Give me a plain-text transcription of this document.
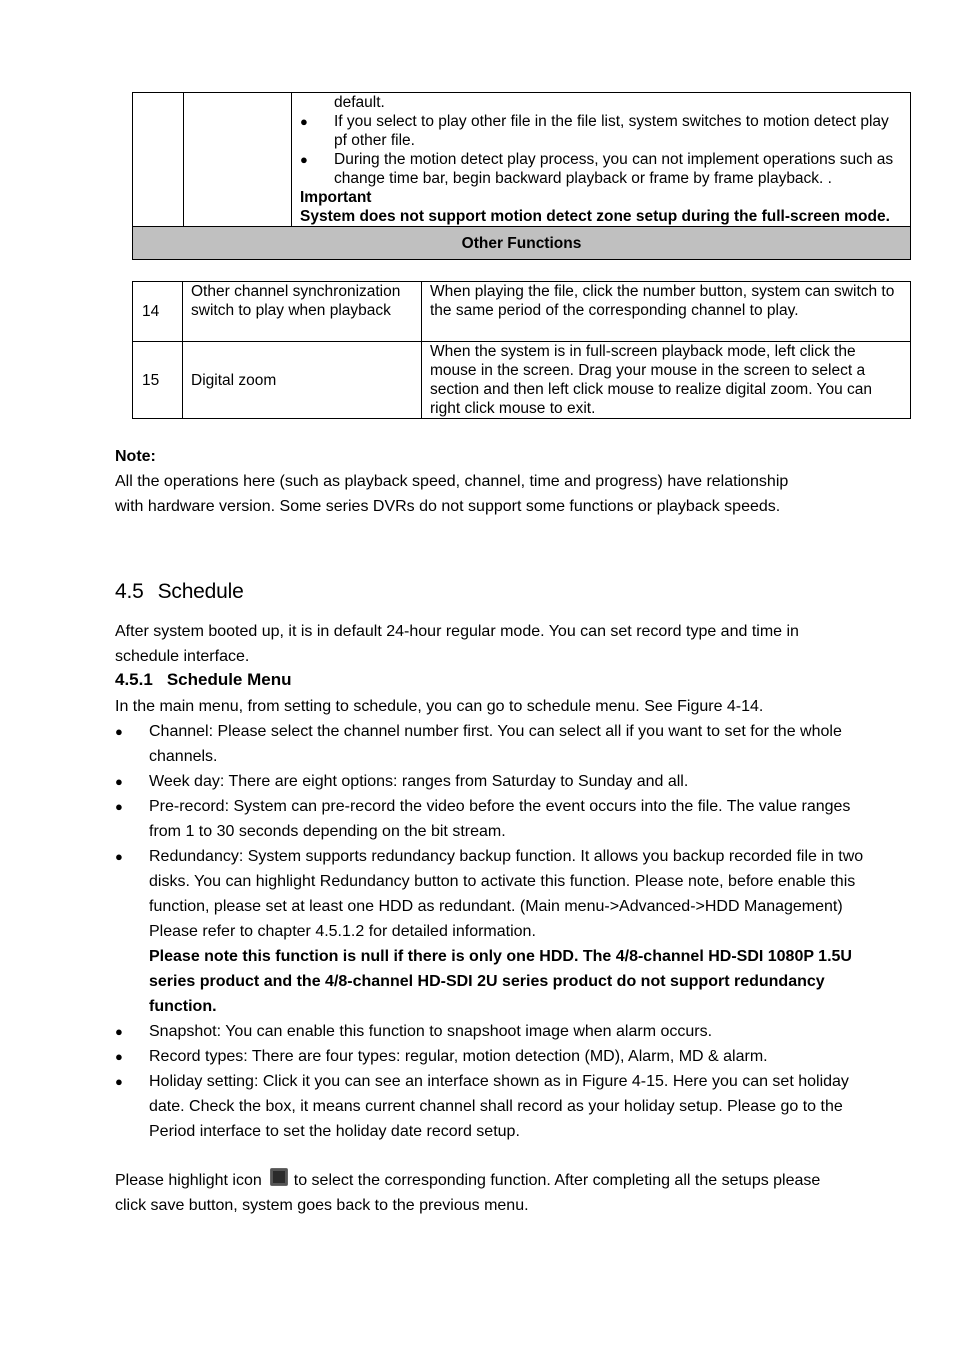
default.
●	If you select to play other file in the file list, system switches to motion detect play pf other file.
●	During the motion detect play process, you can not implement operations such as change time bar, begin backward playback or frame by frame playback. .
Important
System does not support motion detect zone setup during the full-screen mode.

Other Functions
14	Other channel synchronization switch to play when playback	When playing the file, click the number button, system can switch to the same period of the corresponding channel to play.
15	Digital zoom	When the system is in full-screen playback mode, left click the mouse in the screen. Drag your mouse in the screen to select a section and then left click mouse to realize digital zoom. You can right click mouse to exit.
Note:
All the operations here (such as playback speed, channel, time and progress) have relationship with hardware version. Some series DVRs do not support some functions or playback speeds.
4.5 Schedule
After system booted up, it is in default 24-hour regular mode. You can set record type and time in schedule interface.
4.5.1 Schedule Menu
In the main menu, from setting to schedule, you can go to schedule menu. See Figure 4-14.
● Channel: Please select the channel number first. You can select all if you want to set for the whole channels.
● Week day: There are eight options: ranges from Saturday to Sunday and all.
● Pre-record: System can pre-record the video before the event occurs into the file. The value ranges from 1 to 30 seconds depending on the bit stream.
● Redundancy: System supports redundancy backup function. It allows you backup recorded file in two disks. You can highlight Redundancy button to activate this function. Please note, before enable this function, please set at least one HDD as redundant. (Main menu->Advanced->HDD Management) Please refer to chapter 4.5.1.2 for detailed information.
Please note this function is null if there is only one HDD. The 4/8-channel HD-SDI 1080P 1.5U series product and the 4/8-channel HD-SDI 2U series product do not support redundancy function.
● Snapshot: You can enable this function to snapshoot image when alarm occurs.
● Record types: There are four types: regular, motion detection (MD), Alarm, MD & alarm.
● Holiday setting: Click it you can see an interface shown as in Figure 4-15. Here you can set holiday date. Check the box, it means current channel shall record as your holiday setup. Please go to the Period interface to set the holiday date record setup.
Please highlight icon to select the corresponding function. After completing all the setups please click save button, system goes back to the previous menu.
